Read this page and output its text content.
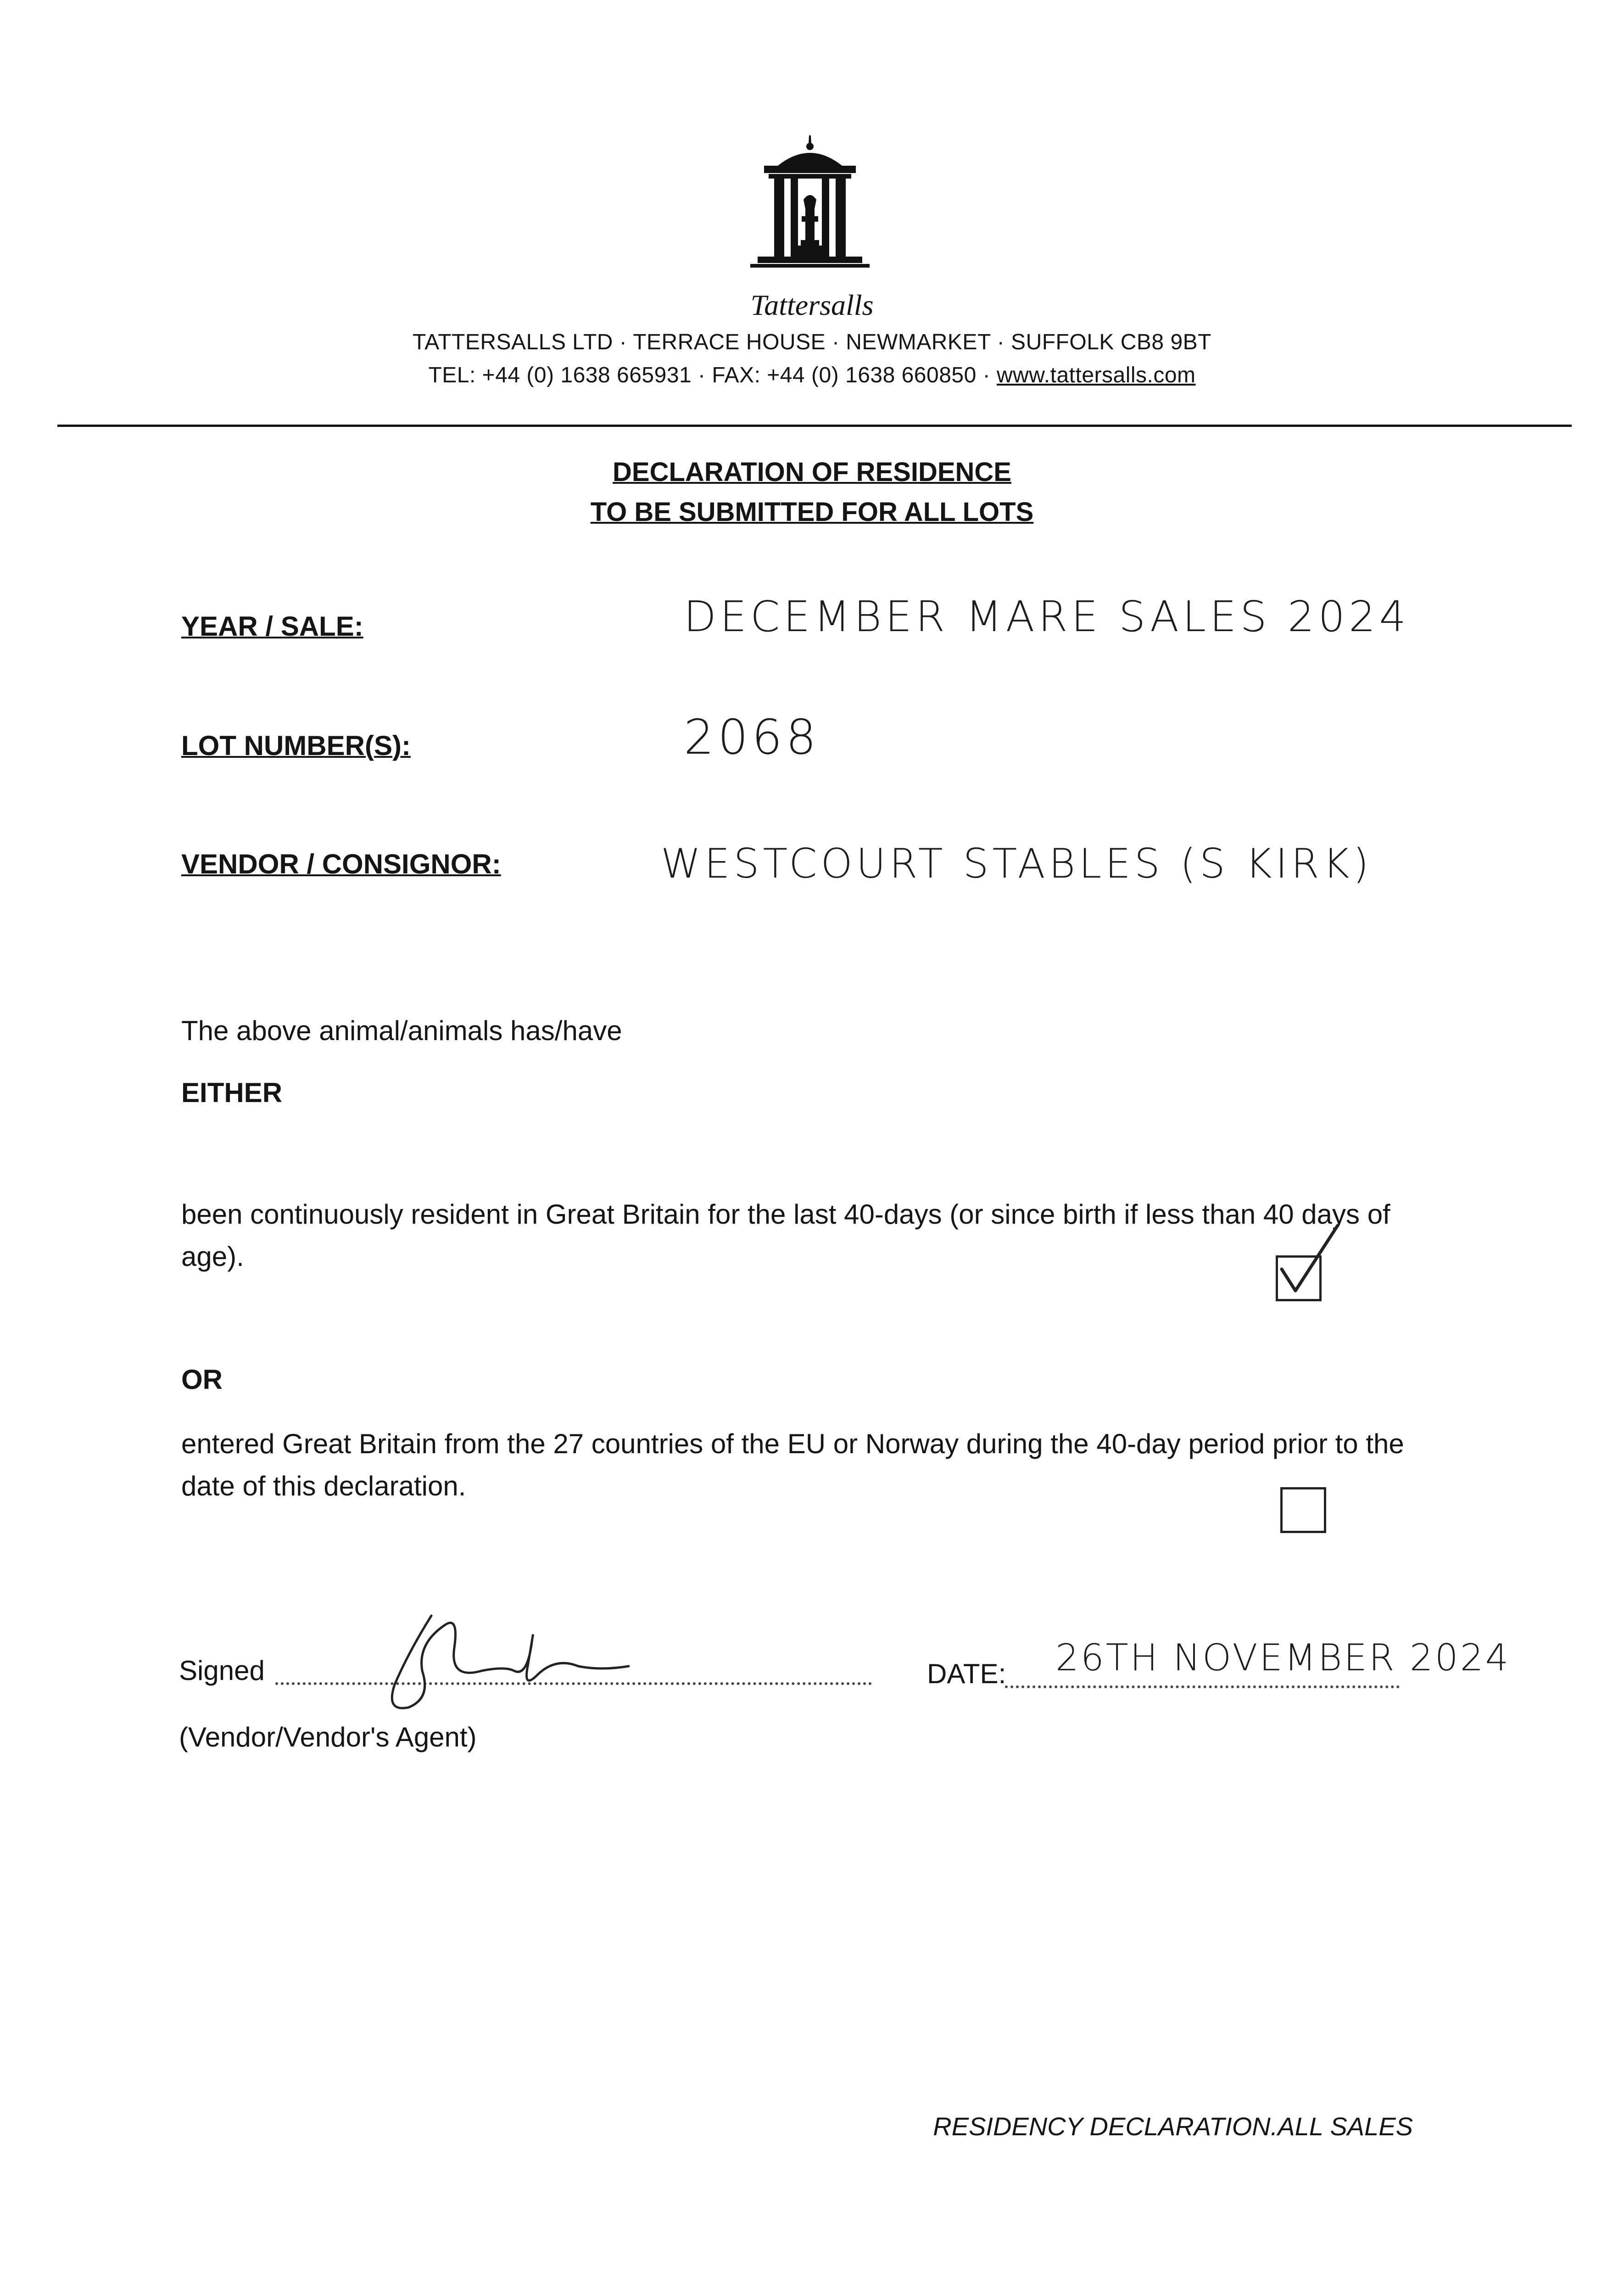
Tattersalls
TATTERSALLS LTD · TERRACE HOUSE · NEWMARKET · SUFFOLK CB8 9BT
TEL: +44 (0) 1638 665931 · FAX: +44 (0) 1638 660850 · www.tattersalls.com
DECLARATION OF RESIDENCE
TO BE SUBMITTED FOR ALL LOTS
YEAR / SALE:	DECEMBER MARE SALES 2024
LOT NUMBER(S):	2068
VENDOR / CONSIGNOR:	WESTCOURT STABLES (S KIRK)
The above animal/animals has/have
EITHER
been continuously resident in Great Britain for the last 40-days (or since birth if less than 40 days of age).
OR
entered Great Britain from the 27 countries of the EU or Norway during the 40-day period prior to the date of this declaration.
Signed
(Vendor/Vendor's Agent)
DATE: 26TH NOVEMBER 2024
RESIDENCY DECLARATION.ALL SALES
